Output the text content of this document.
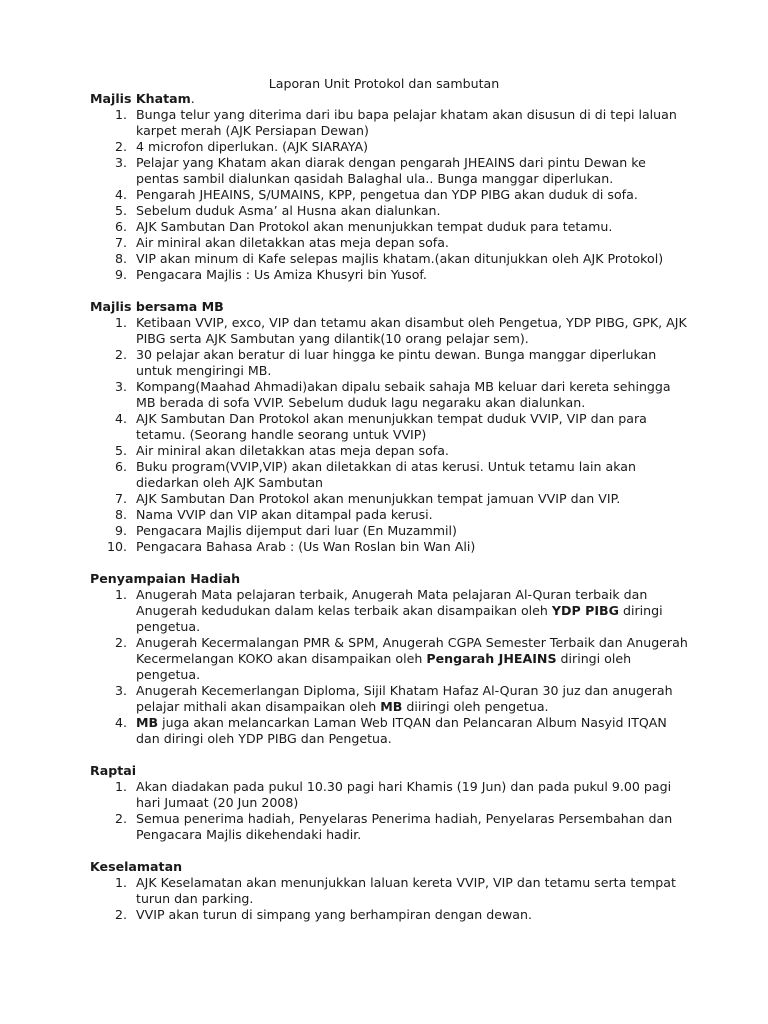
Laporan Unit Protokol dan sambutan
Majlis Khatam.
1. Bunga telur yang diterima dari ibu bapa pelajar khatam akan disusun di di tepi laluan karpet merah (AJK Persiapan Dewan)
2. 4 microfon diperlukan. (AJK SIARAYA)
3. Pelajar yang Khatam akan diarak dengan pengarah JHEAINS dari pintu Dewan ke pentas sambil dialunkan qasidah Balaghal ula.. Bunga manggar diperlukan.
4. Pengarah JHEAINS, S/UMAINS, KPP, pengetua dan YDP PIBG akan duduk di sofa.
5. Sebelum duduk Asma’ al Husna akan dialunkan.
6. AJK Sambutan Dan Protokol akan menunjukkan tempat duduk para tetamu.
7. Air miniral akan diletakkan atas meja depan sofa.
8. VIP akan minum di Kafe selepas majlis khatam.(akan ditunjukkan oleh AJK Protokol)
9. Pengacara Majlis : Us Amiza Khusyri bin Yusof.
Majlis bersama MB
1. Ketibaan VVIP, exco, VIP dan tetamu akan disambut oleh Pengetua, YDP PIBG, GPK, AJK PIBG serta AJK Sambutan yang dilantik(10 orang pelajar sem).
2. 30 pelajar akan beratur di luar hingga ke pintu dewan. Bunga manggar diperlukan untuk mengiringi MB.
3. Kompang(Maahad Ahmadi)akan dipalu sebaik sahaja MB keluar dari kereta sehingga MB berada di sofa VVIP. Sebelum duduk lagu negaraku akan dialunkan.
4. AJK Sambutan Dan Protokol akan menunjukkan tempat duduk VVIP, VIP dan para tetamu. (Seorang handle seorang untuk VVIP)
5. Air miniral akan diletakkan atas meja depan sofa.
6. Buku program(VVIP,VIP) akan diletakkan di atas kerusi. Untuk tetamu lain akan diedarkan oleh AJK Sambutan
7. AJK Sambutan Dan Protokol akan menunjukkan tempat jamuan VVIP dan VIP.
8. Nama VVIP dan VIP akan ditampal pada kerusi.
9. Pengacara Majlis dijemput dari luar (En Muzammil)
10. Pengacara Bahasa Arab : (Us Wan Roslan bin Wan Ali)
Penyampaian Hadiah
1. Anugerah Mata pelajaran terbaik, Anugerah Mata pelajaran Al-Quran terbaik dan Anugerah kedudukan dalam kelas terbaik akan disampaikan oleh YDP PIBG diringi pengetua.
2. Anugerah Kecermalangan PMR & SPM, Anugerah CGPA Semester Terbaik dan Anugerah Kecermelangan KOKO akan disampaikan oleh Pengarah JHEAINS diringi oleh pengetua.
3. Anugerah Kecemerlangan Diploma, Sijil Khatam Hafaz Al-Quran 30 juz dan anugerah pelajar mithali akan disampaikan oleh MB diiringi oleh pengetua.
4. MB juga akan melancarkan Laman Web ITQAN dan Pelancaran Album Nasyid ITQAN dan diringi oleh YDP PIBG dan Pengetua.
Raptai
1. Akan diadakan pada pukul 10.30 pagi hari Khamis (19 Jun) dan pada pukul 9.00 pagi hari Jumaat (20 Jun 2008)
2. Semua penerima hadiah, Penyelaras Penerima hadiah, Penyelaras Persembahan dan Pengacara Majlis dikehendaki hadir.
Keselamatan
1. AJK Keselamatan akan menunjukkan laluan kereta VVIP, VIP dan tetamu serta tempat turun dan parking.
2. VVIP akan turun di simpang yang berhampiran dengan dewan.
